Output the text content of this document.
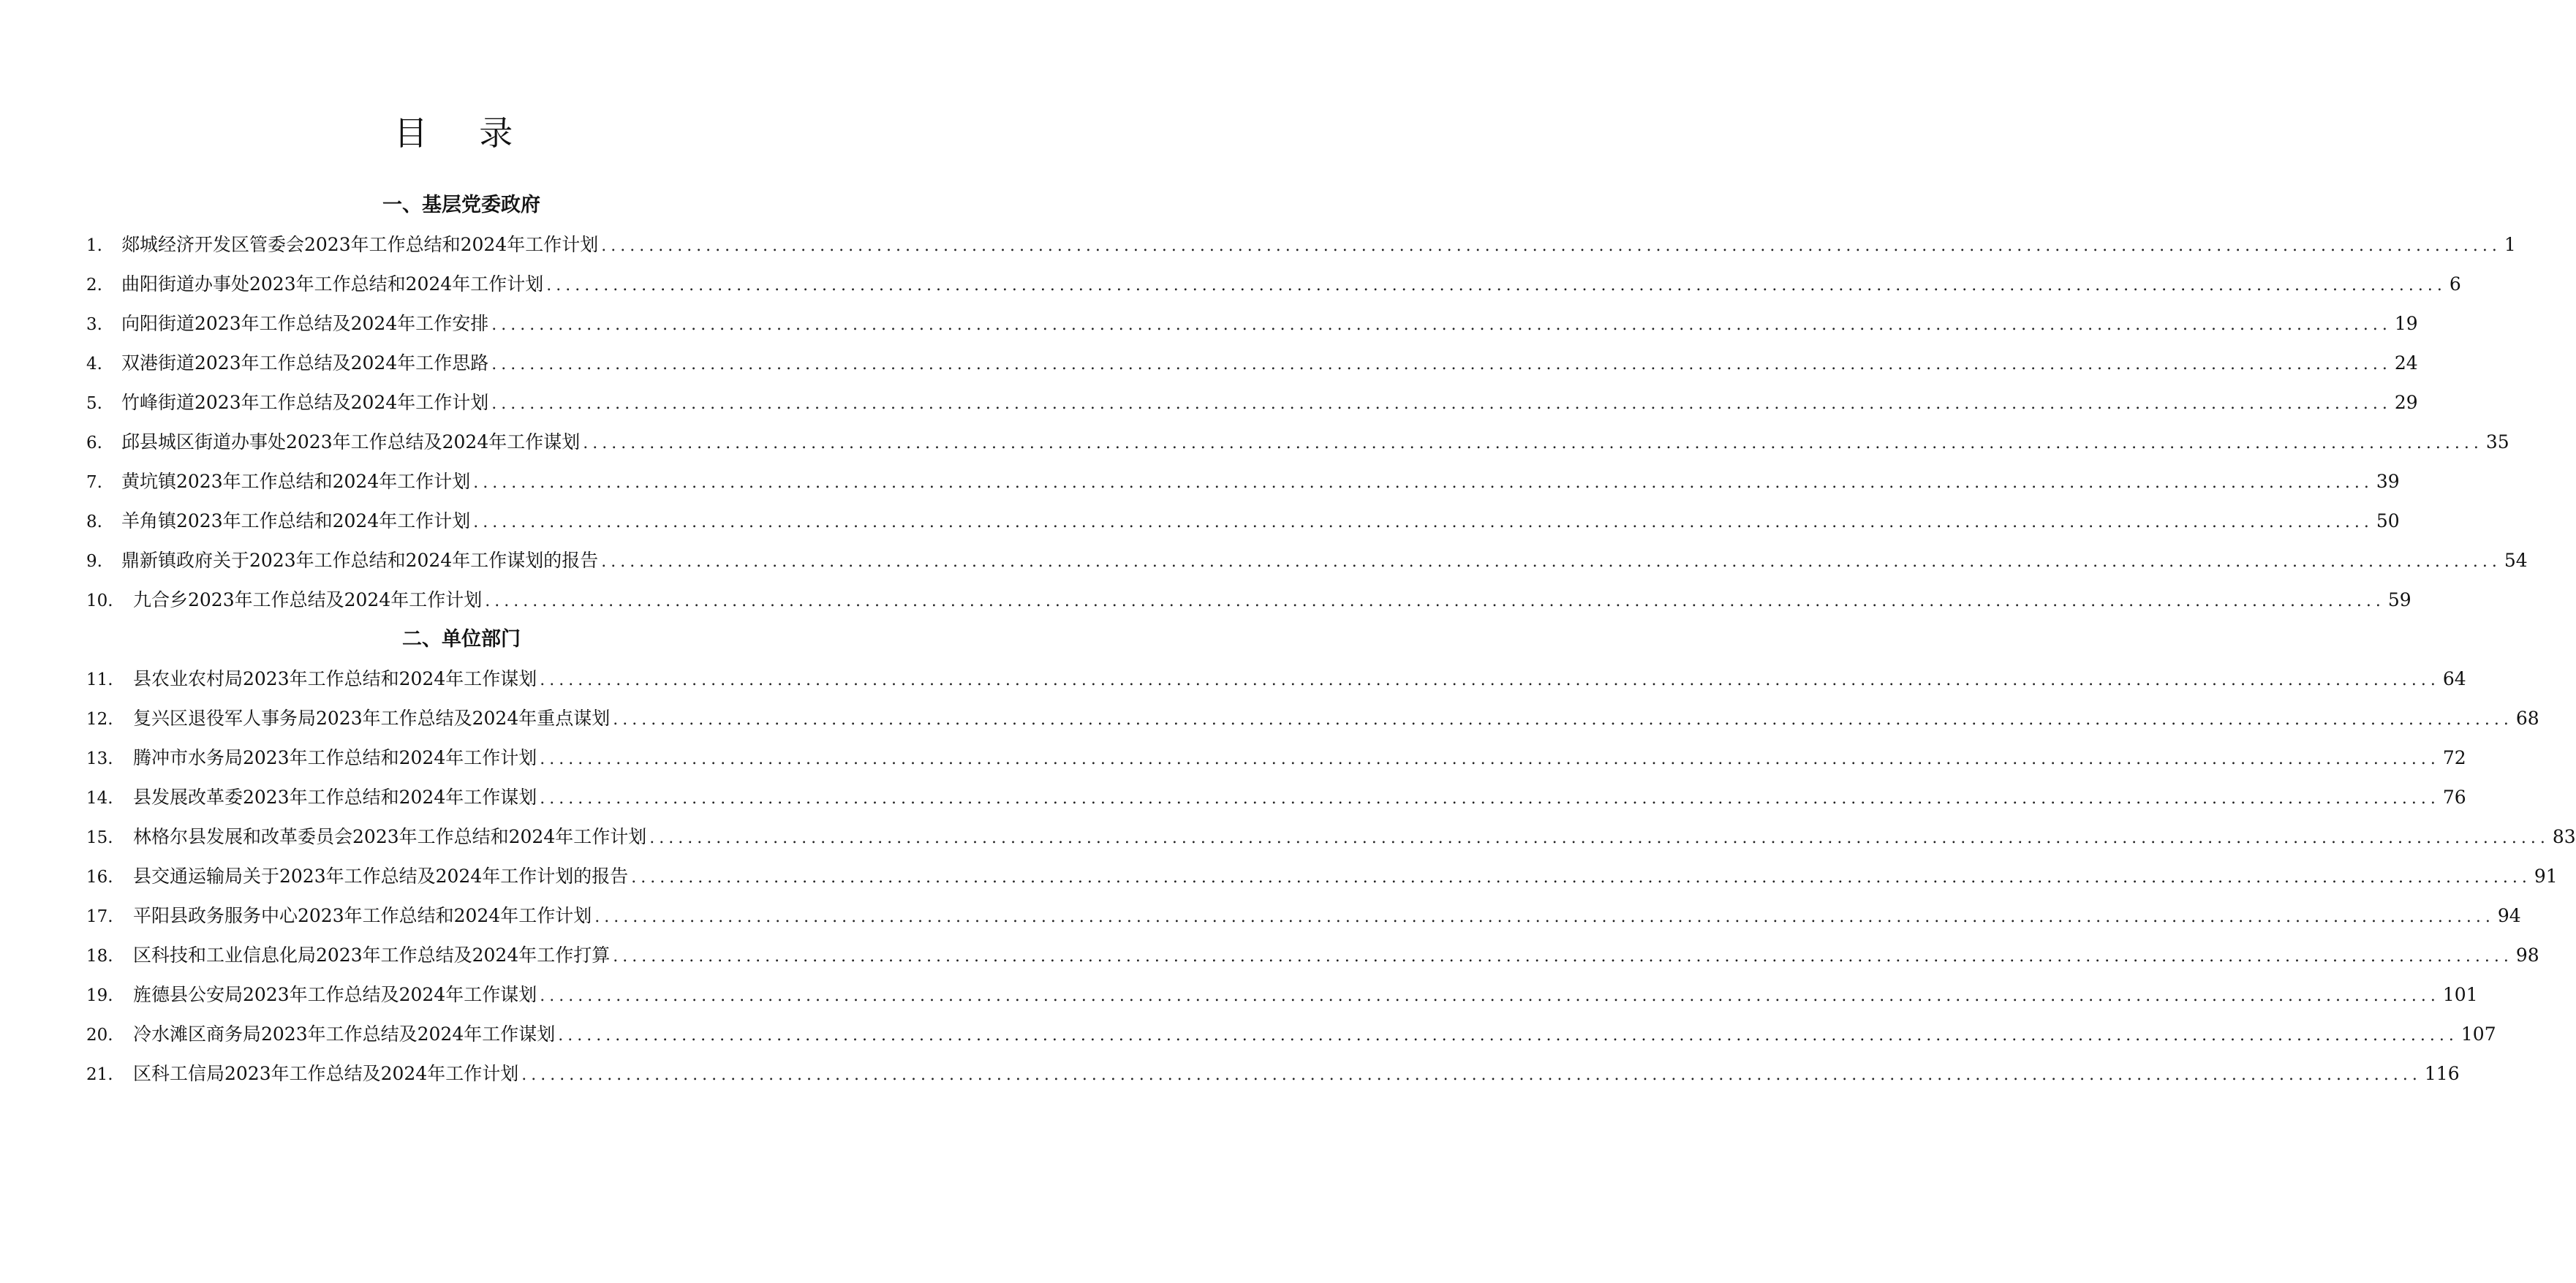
目 录
一、基层党委政府
1.	郯城经济开发区管委会2023年工作总结和2024年工作计划 ........................................................................................................................................................................................................ 1
2.	曲阳街道办事处2023年工作总结和2024年工作计划 ........................................................................................................................................................................................................ 6
3.	向阳街道2023年工作总结及2024年工作安排 ........................................................................................................................................................................................................ 19
4.	双港街道2023年工作总结及2024年工作思路 ........................................................................................................................................................................................................ 24
5.	竹峰街道2023年工作总结及2024年工作计划 ........................................................................................................................................................................................................ 29
6.	邱县城区街道办事处2023年工作总结及2024年工作谋划 ........................................................................................................................................................................................................ 35
7.	黄坑镇2023年工作总结和2024年工作计划 ........................................................................................................................................................................................................ 39
8.	羊角镇2023年工作总结和2024年工作计划 ........................................................................................................................................................................................................ 50
9.	鼎新镇政府关于2023年工作总结和2024年工作谋划的报告 ........................................................................................................................................................................................................ 54
10.	九合乡2023年工作总结及2024年工作计划 ........................................................................................................................................................................................................ 59
二、单位部门
11.	县农业农村局2023年工作总结和2024年工作谋划 ........................................................................................................................................................................................................ 64
12.	复兴区退役军人事务局2023年工作总结及2024年重点谋划 ........................................................................................................................................................................................................ 68
13.	腾冲市水务局2023年工作总结和2024年工作计划 ........................................................................................................................................................................................................ 72
14.	县发展改革委2023年工作总结和2024年工作谋划 ........................................................................................................................................................................................................ 76
15.	林格尔县发展和改革委员会2023年工作总结和2024年工作计划 ........................................................................................................................................................................................................ 83
16.	县交通运输局关于2023年工作总结及2024年工作计划的报告 ........................................................................................................................................................................................................ 91
17.	平阳县政务服务中心2023年工作总结和2024年工作计划 ........................................................................................................................................................................................................ 94
18.	区科技和工业信息化局2023年工作总结及2024年工作打算 ........................................................................................................................................................................................................ 98
19.	旌德县公安局2023年工作总结及2024年工作谋划 ........................................................................................................................................................................................................ 101
20.	冷水滩区商务局2023年工作总结及2024年工作谋划 ........................................................................................................................................................................................................ 107
21.	区科工信局2023年工作总结及2024年工作计划 ........................................................................................................................................................................................................ 116
